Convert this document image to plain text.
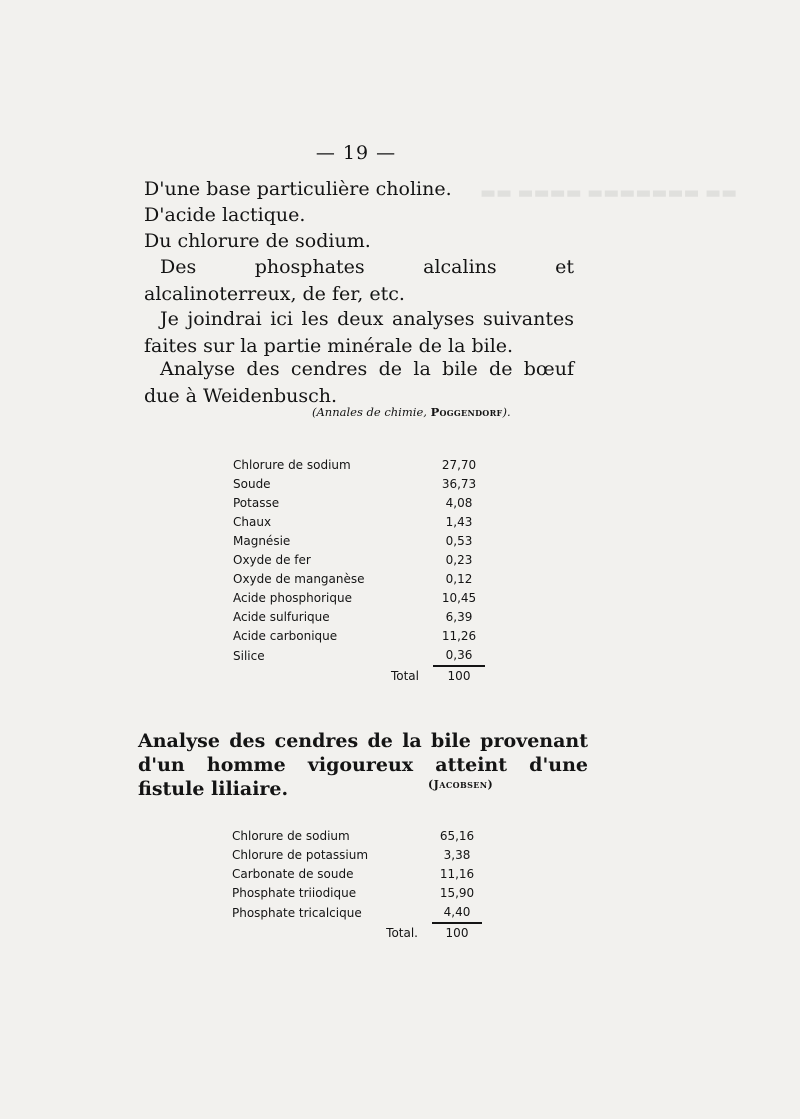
— 19 —
D'une base particulière choline.
D'acide lactique.
Du chlorure de sodium.
Des phosphates alcalins et alcalinoterreux, de fer, etc.
Je joindrai ici les deux analyses suivantes faites sur la partie minérale de la bile.
Analyse des cendres de la bile de bœuf due à Weidenbusch.
(Annales de chimie, Poggendorf).
Chlorure de sodium	27,70
Soude	36,73
Potasse	4,08
Chaux	1,43
Magnésie	0,53
Oxyde de fer	0,23
Oxyde de manganèse	0,12
Acide phosphorique	10,45
Acide sulfurique	6,39
Acide carbonique	11,26
Silice	0,36
Total	100
Analyse des cendres de la bile provenant d'un homme vigoureux atteint d'une fistule liliaire.	(Jacobsen)
Chlorure de sodium	65,16
Chlorure de potassium	3,38
Carbonate de soude	11,16
Phosphate triiodique	15,90
Phosphate tricalcique	4,40
Total.	100
▬▬ ▬▬▬▬ ▬▬▬▬▬▬▬ ▬▬
